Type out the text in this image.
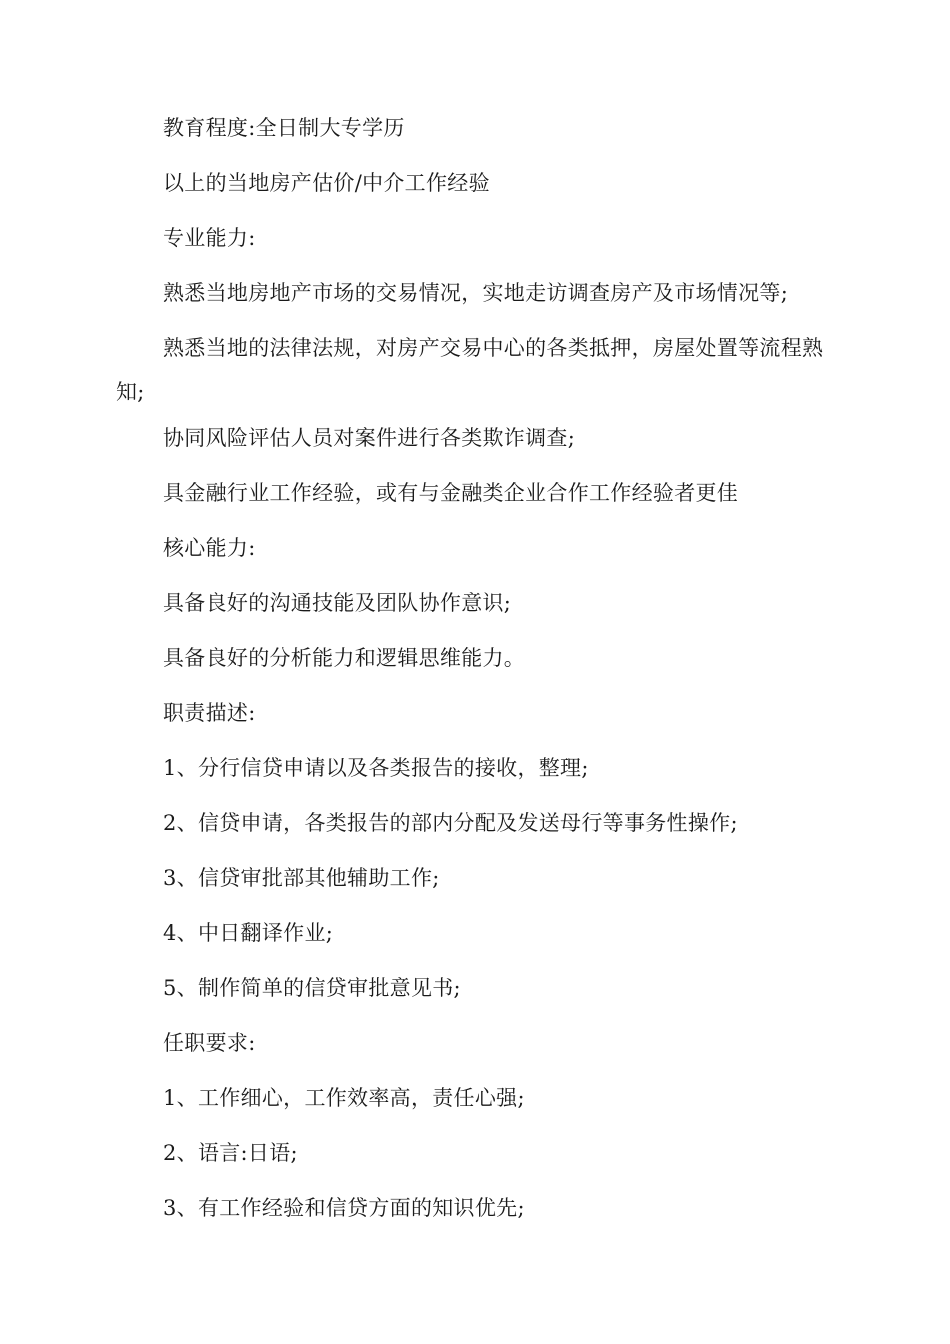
教育程度:全日制大专学历
以上的当地房产估价/中介工作经验
专业能力:
熟悉当地房地产市场的交易情况，实地走访调查房产及市场情况等;
熟悉当地的法律法规，对房产交易中心的各类抵押，房屋处置等流程熟知;
协同风险评估人员对案件进行各类欺诈调查;
具金融行业工作经验，或有与金融类企业合作工作经验者更佳
核心能力:
具备良好的沟通技能及团队协作意识;
具备良好的分析能力和逻辑思维能力。
职责描述:
1、分行信贷申请以及各类报告的接收，整理;
2、信贷申请，各类报告的部内分配及发送母行等事务性操作;
3、信贷审批部其他辅助工作;
4、中日翻译作业;
5、制作简单的信贷审批意见书;
任职要求:
1、工作细心，工作效率高，责任心强;
2、语言:日语;
3、有工作经验和信贷方面的知识优先;
